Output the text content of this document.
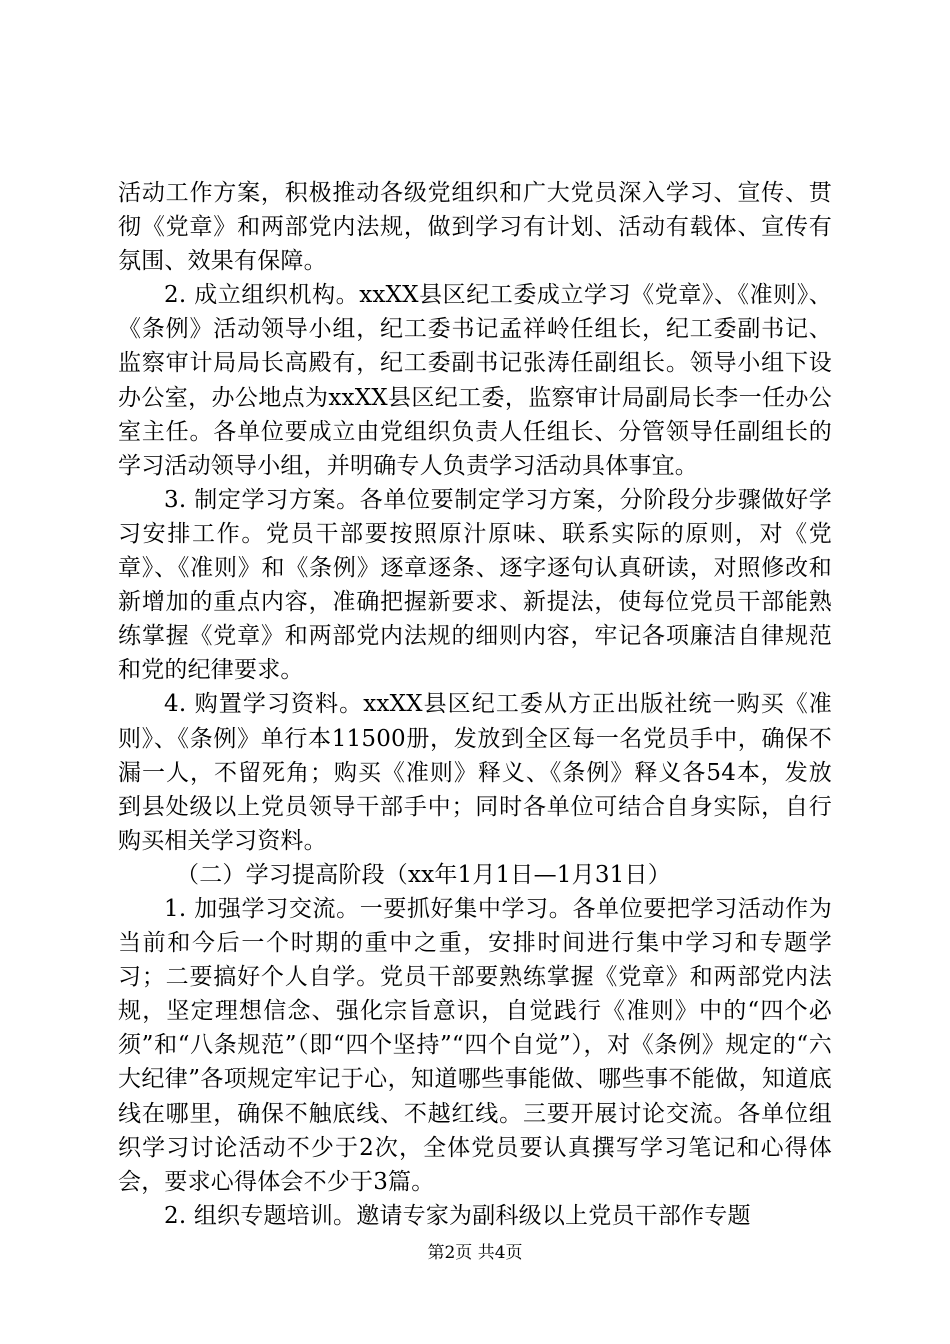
活动工作方案，积极推动各级党组织和广大党员深入学习、宣传、贯彻《党章》和两部党内法规，做到学习有计划、活动有载体、宣传有氛围、效果有保障。

2. 成立组织机构。xxXX县区纪工委成立学习《党章》、《准则》、《条例》活动领导小组，纪工委书记孟祥岭任组长，纪工委副书记、监察审计局局长高殿有，纪工委副书记张涛任副组长。领导小组下设办公室，办公地点为xxXX县区纪工委，监察审计局副局长李一任办公室主任。各单位要成立由党组织负责人任组长、分管领导任副组长的学习活动领导小组，并明确专人负责学习活动具体事宜。

3. 制定学习方案。各单位要制定学习方案，分阶段分步骤做好学习安排工作。党员干部要按照原汁原味、联系实际的原则，对《党章》、《准则》和《条例》逐章逐条、逐字逐句认真研读，对照修改和新增加的重点内容，准确把握新要求、新提法，使每位党员干部能熟练掌握《党章》和两部党内法规的细则内容，牢记各项廉洁自律规范和党的纪律要求。

4. 购置学习资料。xxXX县区纪工委从方正出版社统一购买《准则》、《条例》单行本11500册，发放到全区每一名党员手中，确保不漏一人，不留死角；购买《准则》释义、《条例》释义各54本，发放到县处级以上党员领导干部手中；同时各单位可结合自身实际，自行购买相关学习资料。

（二）学习提高阶段（xx年1月1日—1月31日）

1. 加强学习交流。一要抓好集中学习。各单位要把学习活动作为当前和今后一个时期的重中之重，安排时间进行集中学习和专题学习；二要搞好个人自学。党员干部要熟练掌握《党章》和两部党内法规，坚定理想信念、强化宗旨意识，自觉践行《准则》中的“四个必须”和“八条规范”（即“四个坚持”“四个自觉”），对《条例》规定的“六大纪律”各项规定牢记于心，知道哪些事能做、哪些事不能做，知道底线在哪里，确保不触底线、不越红线。三要开展讨论交流。各单位组织学习讨论活动不少于2次，全体党员要认真撰写学习笔记和心得体会，要求心得体会不少于3篇。

2. 组织专题培训。邀请专家为副科级以上党员干部作专题

第2页 共4页
